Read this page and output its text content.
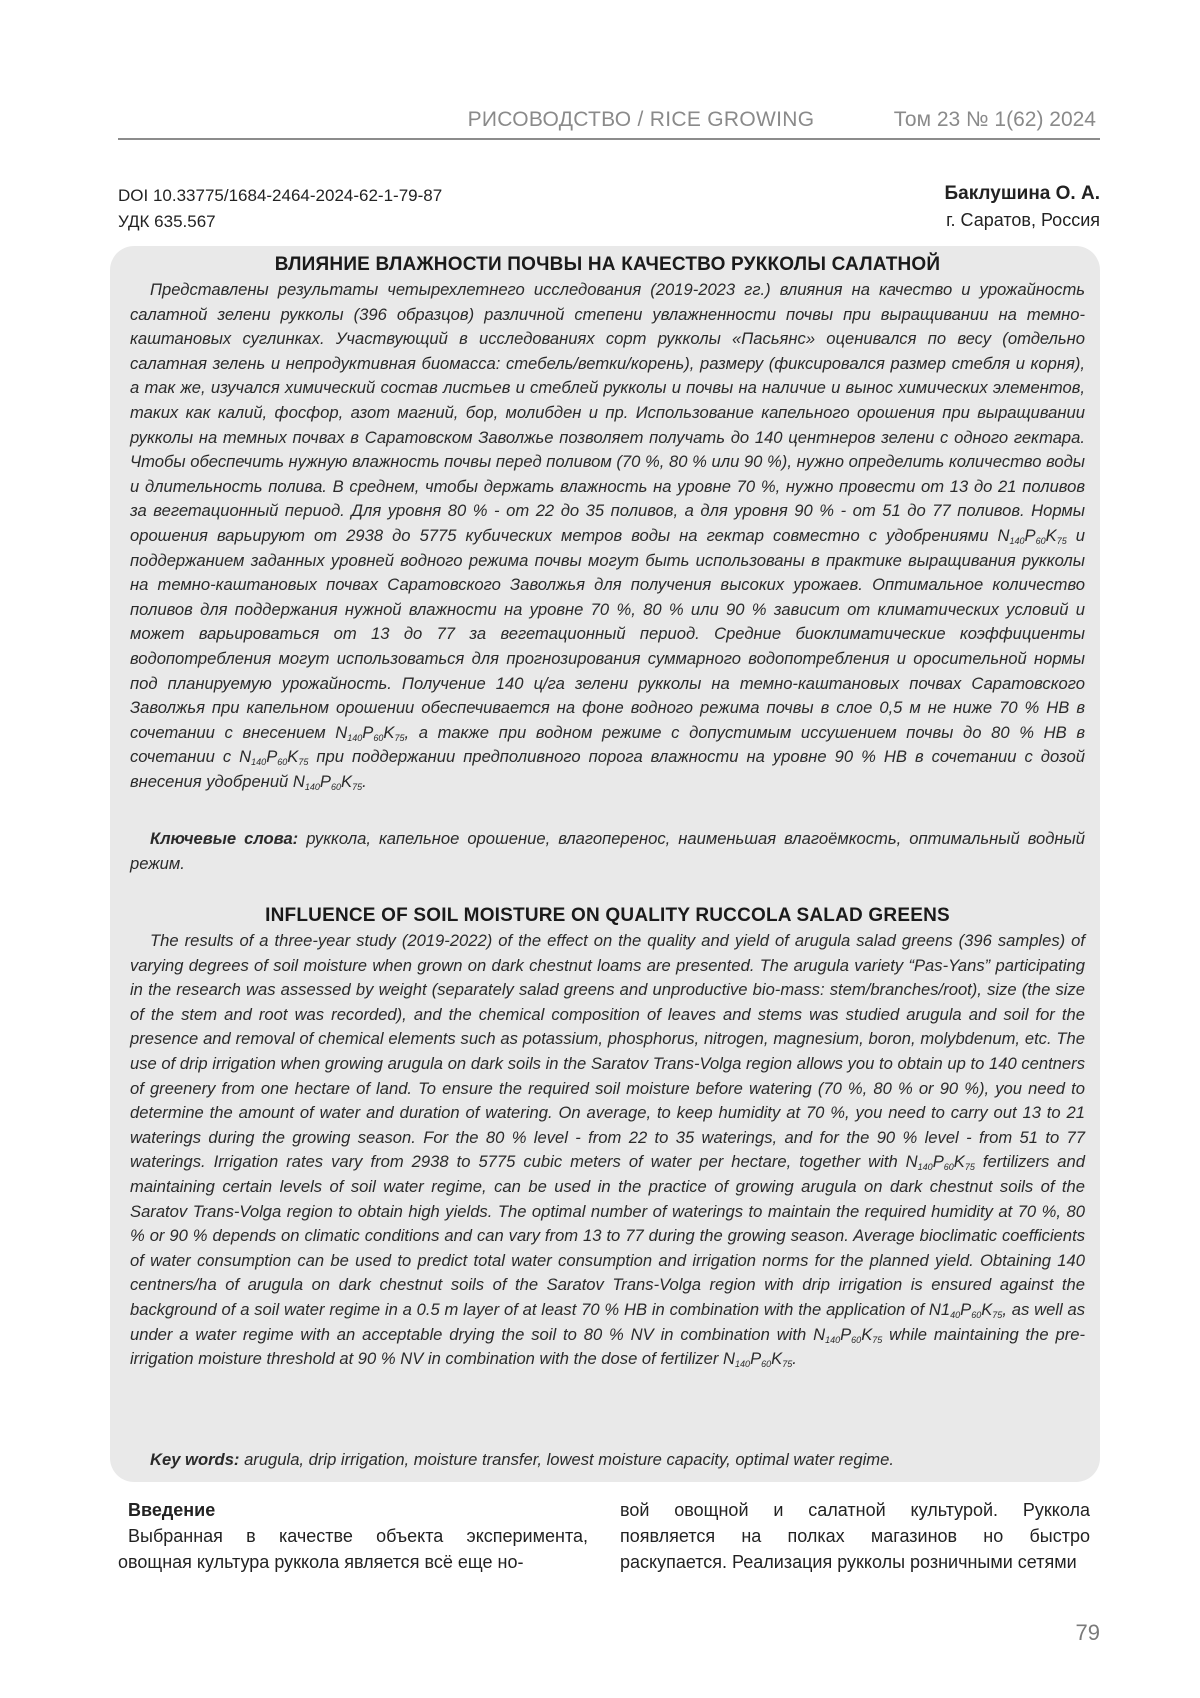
РИСОВОДСТВО / RICE GROWING	Том 23 № 1(62) 2024
DOI 10.33775/1684-2464-2024-62-1-79-87
УДК 635.567
Баклушина О. А.
г. Саратов, Россия
ВЛИЯНИЕ ВЛАЖНОСТИ ПОЧВЫ НА КАЧЕСТВО РУККОЛЫ САЛАТНОЙ
Представлены результаты четырехлетнего исследования (2019-2023 гг.) влияния на качество и урожайность салатной зелени рукколы (396 образцов) различной степени увлажненности почвы при выращивании на темно-каштановых суглинках. Участвующий в исследованиях сорт рукколы «Пасьянс» оценивался по весу (отдельно салатная зелень и непродуктивная биомасса: стебель/ветки/корень), размеру (фиксировался размер стебля и корня), а так же, изучался химический состав листьев и стеблей рукколы и почвы на наличие и вынос химических элементов, таких как калий, фосфор, азот магний, бор, молибден и пр. Использование капельного орошения при выращивании рукколы на темных почвах в Саратовском Заволжье позволяет получать до 140 центнеров зелени с одного гектара. Чтобы обеспечить нужную влажность почвы перед поливом (70 %, 80 % или 90 %), нужно определить количество воды и длительность полива. В среднем, чтобы держать влажность на уровне 70 %, нужно провести от 13 до 21 поливов за вегетационный период. Для уровня 80 % - от 22 до 35 поливов, а для уровня 90 % - от 51 до 77 поливов. Нормы орошения варьируют от 2938 до 5775 кубических метров воды на гектар совместно с удобрениями N140P60K75 и поддержанием заданных уровней водного режима почвы могут быть использованы в практике выращивания рукколы на темно-каштановых почвах Саратовского Заволжья для получения высоких урожаев. Оптимальное количество поливов для поддержания нужной влажности на уровне 70 %, 80 % или 90 % зависит от климатических условий и может варьироваться от 13 до 77 за вегетационный период. Средние биоклиматические коэффициенты водопотребления могут использоваться для прогнозирования суммарного водопотребления и оросительной нормы под планируемую урожайность. Получение 140 ц/га зелени рукколы на темно-каштановых почвах Саратовского Заволжья при капельном орошении обеспечивается на фоне водного режима почвы в слое 0,5 м не ниже 70 % НВ в сочетании с внесением N140P60K75, а также при водном режиме с допустимым иссушением почвы до 80 % НВ в сочетании с N140P60K75 при поддержании предполивного порога влажности на уровне 90 % НВ в сочетании с дозой внесения удобрений N140P60K75.
Ключевые слова: руккола, капельное орошение, влагоперенос, наименьшая влагоёмкость, оптимальный водный режим.
INFLUENCE OF SOIL MOISTURE ON QUALITY RUCCOLA SALAD GREENS
The results of a three-year study (2019-2022) of the effect on the quality and yield of arugula salad greens (396 samples) of varying degrees of soil moisture when grown on dark chestnut loams are presented. The arugula variety “Pas-Yans” participating in the research was assessed by weight (separately salad greens and unproductive bio-mass: stem/branches/root), size (the size of the stem and root was recorded), and the chemical composition of leaves and stems was studied arugula and soil for the presence and removal of chemical elements such as potassium, phosphorus, nitrogen, magnesium, boron, molybdenum, etc. The use of drip irrigation when growing arugula on dark soils in the Saratov Trans-Volga region allows you to obtain up to 140 centners of greenery from one hectare of land. To ensure the required soil moisture before watering (70 %, 80 % or 90 %), you need to determine the amount of water and duration of watering. On average, to keep humidity at 70 %, you need to carry out 13 to 21 waterings during the growing season. For the 80 % level - from 22 to 35 waterings, and for the 90 % level - from 51 to 77 waterings. Irrigation rates vary from 2938 to 5775 cubic meters of water per hectare, together with N140P60K75 fertilizers and maintaining certain levels of soil water regime, can be used in the practice of growing arugula on dark chestnut soils of the Saratov Trans-Volga region to obtain high yields. The optimal number of waterings to maintain the required humidity at 70 %, 80 % or 90 % depends on climatic conditions and can vary from 13 to 77 during the growing season. Average bioclimatic coefficients of water consumption can be used to predict total water consumption and irrigation norms for the planned yield. Obtaining 140 centners/ha of arugula on dark chestnut soils of the Saratov Trans-Volga region with drip irrigation is ensured against the background of a soil water regime in a 0.5 m layer of at least 70 % HB in combination with the application of N140P60K75, as well as under a water regime with an acceptable drying the soil to 80 % NV in combination with N140P60K75 while maintaining the pre-irrigation moisture threshold at 90 % NV in combination with the dose of fertilizer N140P60K75.
Key words: arugula, drip irrigation, moisture transfer, lowest moisture capacity, optimal water regime.
Введение
Выбранная в качестве объекта эксперимента, овощная культура руккола является всё еще но-
вой овощной и салатной культурой. Руккола появляется на полках магазинов но быстро раскупается. Реализация рукколы розничными сетями
79
